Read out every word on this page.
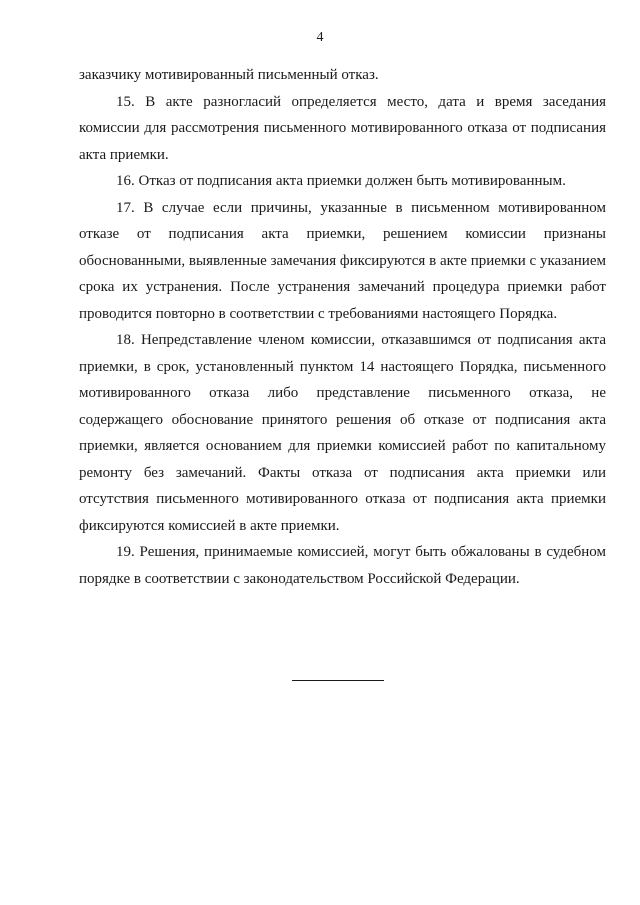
4

заказчику мотивированный письменный отказ.

15. В акте разногласий определяется место, дата и время заседания комиссии для рассмотрения письменного мотивированного отказа от подписания акта приемки.

16. Отказ от подписания акта приемки должен быть мотивированным.

17. В случае если причины, указанные в письменном мотивированном отказе от подписания акта приемки, решением комиссии признаны обоснованными, выявленные замечания фиксируются в акте приемки с указанием срока их устранения. После устранения замечаний процедура приемки работ проводится повторно в соответствии с требованиями настоящего Порядка.

18. Непредставление членом комиссии, отказавшимся от подписания акта приемки, в срок, установленный пунктом 14 настоящего Порядка, письменного мотивированного отказа либо представление письменного отказа, не содержащего обоснование принятого решения об отказе от подписания акта приемки, является основанием для приемки комиссией работ по капитальному ремонту без замечаний. Факты отказа от подписания акта приемки или отсутствия письменного мотивированного отказа от подписания акта приемки фиксируются комиссией в акте приемки.

19. Решения, принимаемые комиссией, могут быть обжалованы в судебном порядке в соответствии с законодательством Российской Федерации.
